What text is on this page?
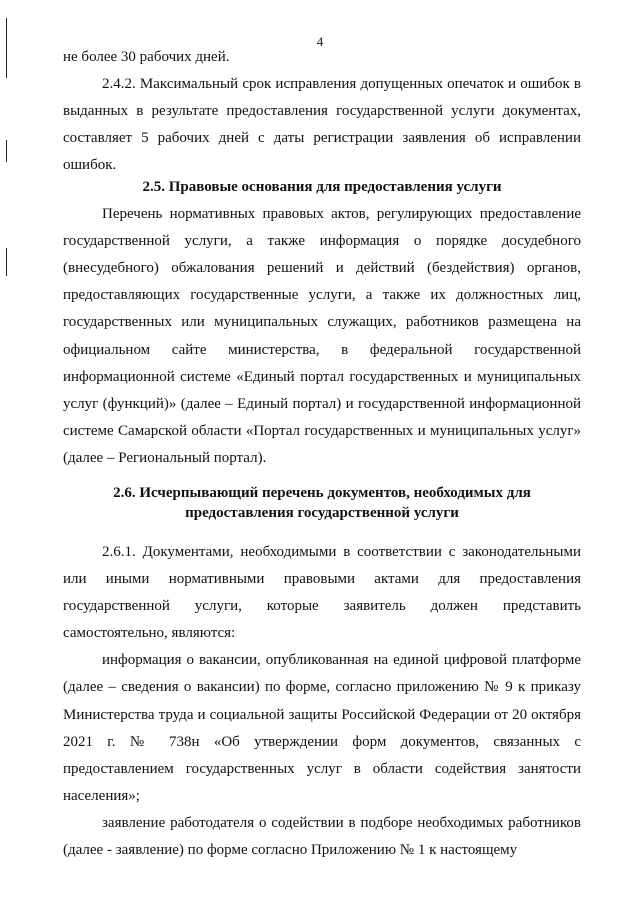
4

не более 30 рабочих дней.

2.4.2. Максимальный срок исправления допущенных опечаток и ошибок в выданных в результате предоставления государственной услуги документах, составляет 5 рабочих дней с даты регистрации заявления об исправлении ошибок.

2.5. Правовые основания для предоставления услуги

Перечень нормативных правовых актов, регулирующих предоставление государственной услуги, а также информация о порядке досудебного (внесудебного) обжалования решений и действий (бездействия) органов, предоставляющих государственные услуги, а также их должностных лиц, государственных или муниципальных служащих, работников размещена на официальном сайте министерства, в федеральной государственной информационной системе «Единый портал государственных и муниципальных услуг (функций)» (далее – Единый портал) и государственной информационной системе Самарской области «Портал государственных и муниципальных услуг» (далее – Региональный портал).

2.6. Исчерпывающий перечень документов, необходимых для
предоставления государственной услуги

2.6.1. Документами, необходимыми в соответствии с законодательными или иными нормативными правовыми актами для предоставления государственной услуги, которые заявитель должен представить самостоятельно, являются:

информация о вакансии, опубликованная на единой цифровой платформе (далее – сведения о вакансии) по форме, согласно приложению № 9 к приказу Министерства труда и социальной защиты Российской Федерации от 20 октября 2021 г. № 738н «Об утверждении форм документов, связанных с предоставлением государственных услуг в области содействия занятости населения»;

заявление работодателя о содействии в подборе необходимых работников (далее - заявление) по форме согласно Приложению № 1 к настоящему
